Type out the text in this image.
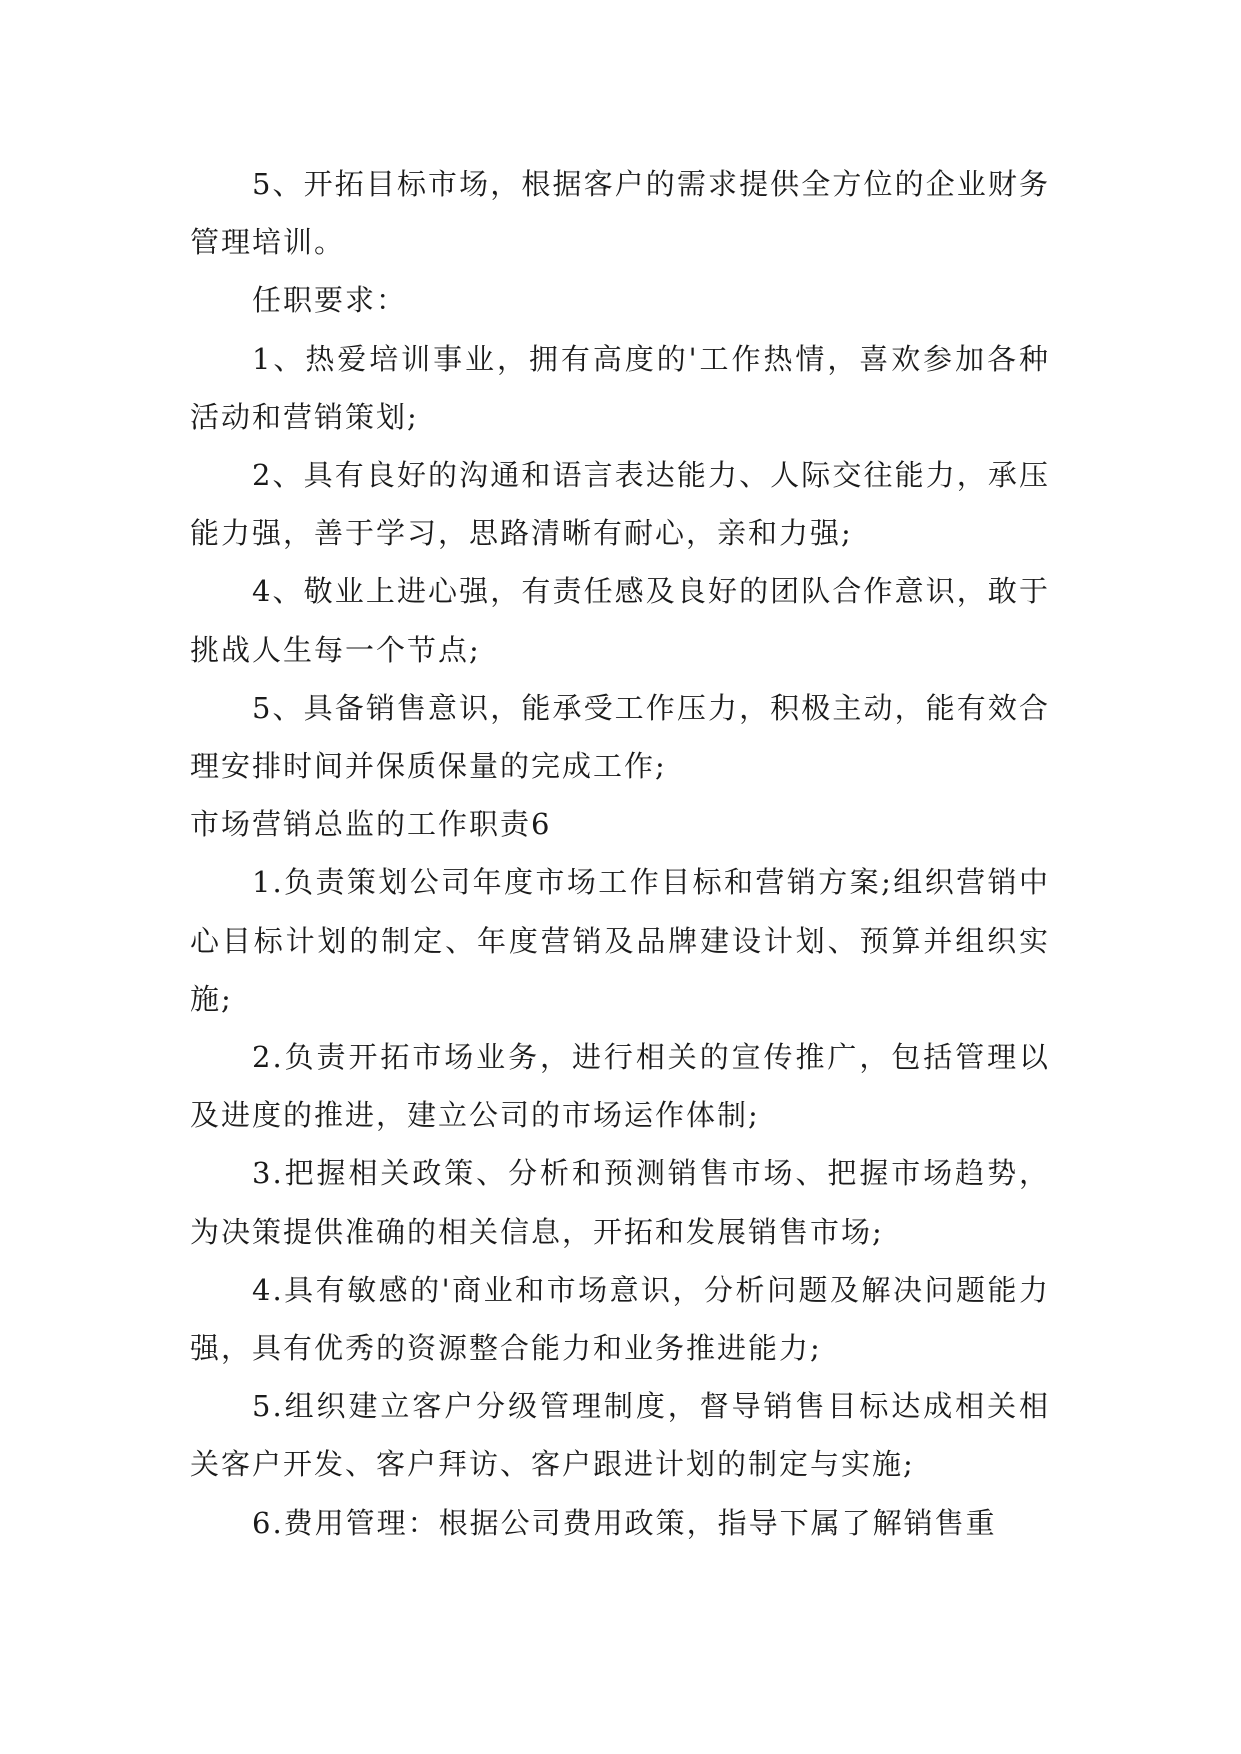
5、开拓目标市场，根据客户的需求提供全方位的企业财务管理培训。

任职要求：

1、热爱培训事业，拥有高度的'工作热情，喜欢参加各种活动和营销策划;

2、具有良好的沟通和语言表达能力、人际交往能力，承压能力强，善于学习，思路清晰有耐心，亲和力强;

4、敬业上进心强，有责任感及良好的团队合作意识，敢于挑战人生每一个节点;

5、具备销售意识，能承受工作压力，积极主动，能有效合理安排时间并保质保量的完成工作;

市场营销总监的工作职责6

1.负责策划公司年度市场工作目标和营销方案;组织营销中心目标计划的制定、年度营销及品牌建设计划、预算并组织实施;

2.负责开拓市场业务，进行相关的宣传推广，包括管理以及进度的推进，建立公司的市场运作体制;

3.把握相关政策、分析和预测销售市场、把握市场趋势，为决策提供准确的相关信息，开拓和发展销售市场;

4.具有敏感的'商业和市场意识，分析问题及解决问题能力强，具有优秀的资源整合能力和业务推进能力;

5.组织建立客户分级管理制度，督导销售目标达成相关相关客户开发、客户拜访、客户跟进计划的制定与实施;

6.费用管理：根据公司费用政策，指导下属了解销售重
